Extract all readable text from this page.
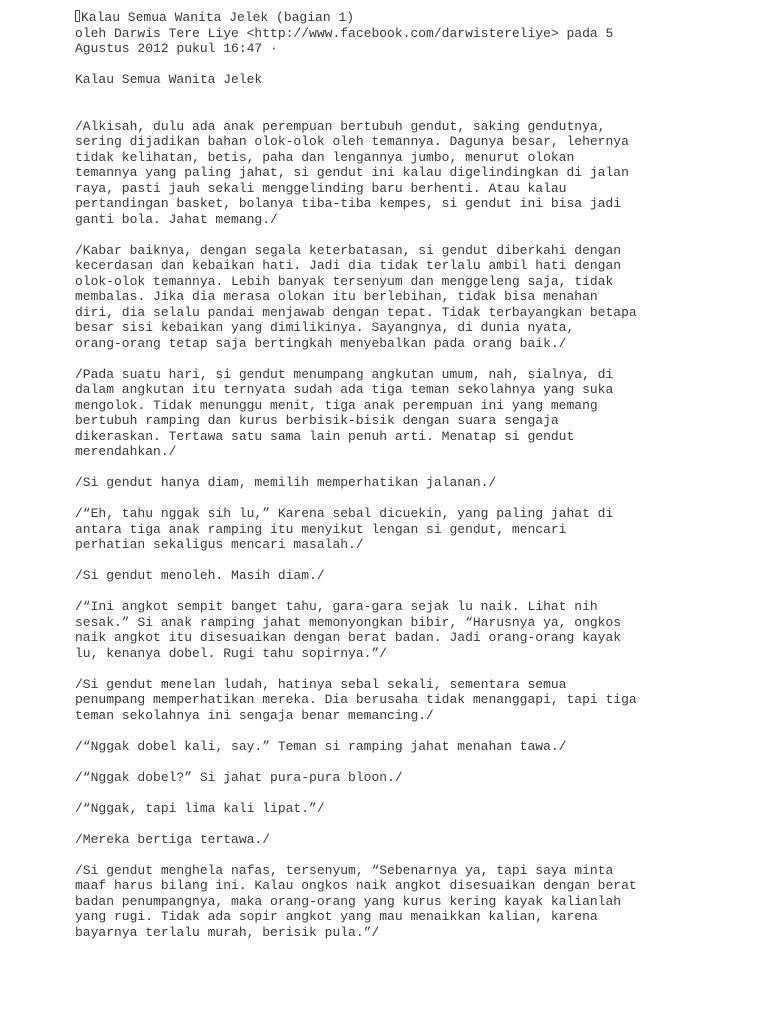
Kalau Semua Wanita Jelek (bagian 1)
oleh Darwis Tere Liye <http://www.facebook.com/darwistereliye> pada 5
Agustus 2012 pukul 16:47 ·
Kalau Semua Wanita Jelek
/Alkisah, dulu ada anak perempuan bertubuh gendut, saking gendutnya,
sering dijadikan bahan olok-olok oleh temannya. Dagunya besar, lehernya
tidak kelihatan, betis, paha dan lengannya jumbo, menurut olokan
temannya yang paling jahat, si gendut ini kalau digelindingkan di jalan
raya, pasti jauh sekali menggelinding baru berhenti. Atau kalau
pertandingan basket, bolanya tiba-tiba kempes, si gendut ini bisa jadi
ganti bola. Jahat memang./
/Kabar baiknya, dengan segala keterbatasan, si gendut diberkahi dengan
kecerdasan dan kebaikan hati. Jadi dia tidak terlalu ambil hati dengan
olok-olok temannya. Lebih banyak tersenyum dan menggeleng saja, tidak
membalas. Jika dia merasa olokan itu berlebihan, tidak bisa menahan
diri, dia selalu pandai menjawab dengan tepat. Tidak terbayangkan betapa
besar sisi kebaikan yang dimilikinya. Sayangnya, di dunia nyata,
orang-orang tetap saja bertingkah menyebalkan pada orang baik./
/Pada suatu hari, si gendut menumpang angkutan umum, nah, sialnya, di
dalam angkutan itu ternyata sudah ada tiga teman sekolahnya yang suka
mengolok. Tidak menunggu menit, tiga anak perempuan ini yang memang
bertubuh ramping dan kurus berbisik-bisik dengan suara sengaja
dikeraskan. Tertawa satu sama lain penuh arti. Menatap si gendut
merendahkan./
/Si gendut hanya diam, memilih memperhatikan jalanan./
/“Eh, tahu nggak sih lu,” Karena sebal dicuekin, yang paling jahat di
antara tiga anak ramping itu menyikut lengan si gendut, mencari
perhatian sekaligus mencari masalah./
/Si gendut menoleh. Masih diam./
/“Ini angkot sempit banget tahu, gara-gara sejak lu naik. Lihat nih
sesak.” Si anak ramping jahat memonyongkan bibir, “Harusnya ya, ongkos
naik angkot itu disesuaikan dengan berat badan. Jadi orang-orang kayak
lu, kenanya dobel. Rugi tahu sopirnya.”/
/Si gendut menelan ludah, hatinya sebal sekali, sementara semua
penumpang memperhatikan mereka. Dia berusaha tidak menanggapi, tapi tiga
teman sekolahnya ini sengaja benar memancing./
/“Nggak dobel kali, say.” Teman si ramping jahat menahan tawa./
/“Nggak dobel?” Si jahat pura-pura bloon./
/“Nggak, tapi lima kali lipat.”/
/Mereka bertiga tertawa./
/Si gendut menghela nafas, tersenyum, “Sebenarnya ya, tapi saya minta
maaf harus bilang ini. Kalau ongkos naik angkot disesuaikan dengan berat
badan penumpangnya, maka orang-orang yang kurus kering kayak kalianlah
yang rugi. Tidak ada sopir angkot yang mau menaikkan kalian, karena
bayarnya terlalu murah, berisik pula.”/
